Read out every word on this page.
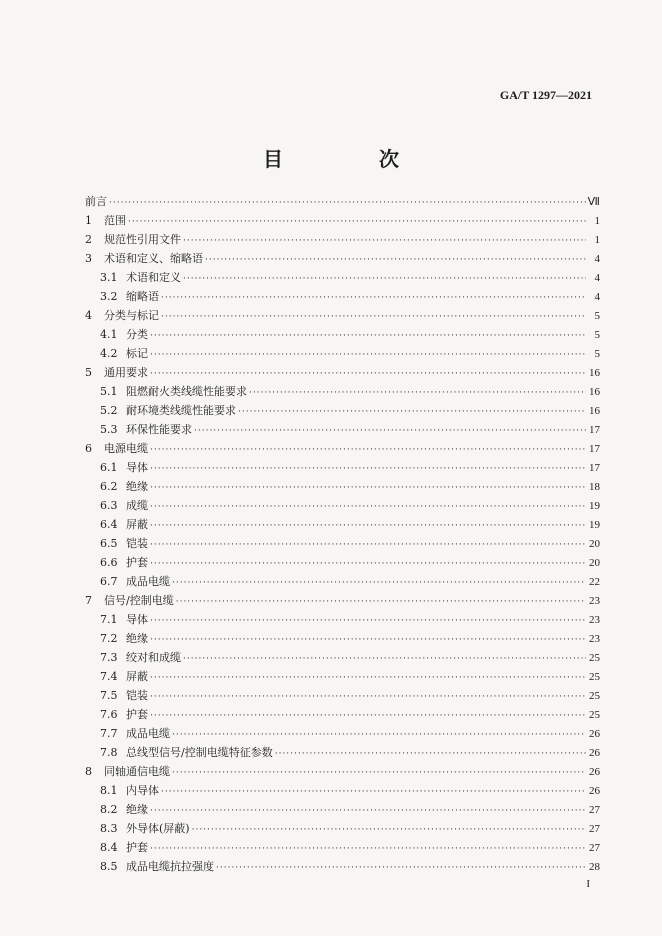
GA/T 1297—2021
目　次
前言 ·····	Ⅶ
1	范围 ·····	1
2	规范性引用文件 ·····	1
3	术语和定义、缩略语 ·····	4
3.1 术语和定义 ·····	4
3.2 缩略语 ·····	4
4	分类与标记 ·····	5
4.1 分类 ·····	5
4.2 标记 ·····	5
5	通用要求 ·····	16
5.1 阻燃耐火类线缆性能要求 ·····	16
5.2 耐环境类线缆性能要求 ·····	16
5.3 环保性能要求 ·····	17
6	电源电缆 ·····	17
6.1 导体 ·····	17
6.2 绝缘 ·····	18
6.3 成缆 ·····	19
6.4 屏蔽 ·····	19
6.5 铠装 ·····	20
6.6 护套 ·····	20
6.7 成品电缆 ·····	22
7	信号/控制电缆 ·····	23
7.1 导体 ·····	23
7.2 绝缘 ·····	23
7.3 绞对和成缆 ·····	25
7.4 屏蔽 ·····	25
7.5 铠装 ·····	25
7.6 护套 ·····	25
7.7 成品电缆 ·····	26
7.8 总线型信号/控制电缆特征参数 ·····	26
8	同轴通信电缆 ·····	26
8.1 内导体 ·····	26
8.2 绝缘 ·····	27
8.3 外导体(屏蔽) ·····	27
8.4 护套 ·····	27
8.5 成品电缆抗拉强度 ·····	28
I
